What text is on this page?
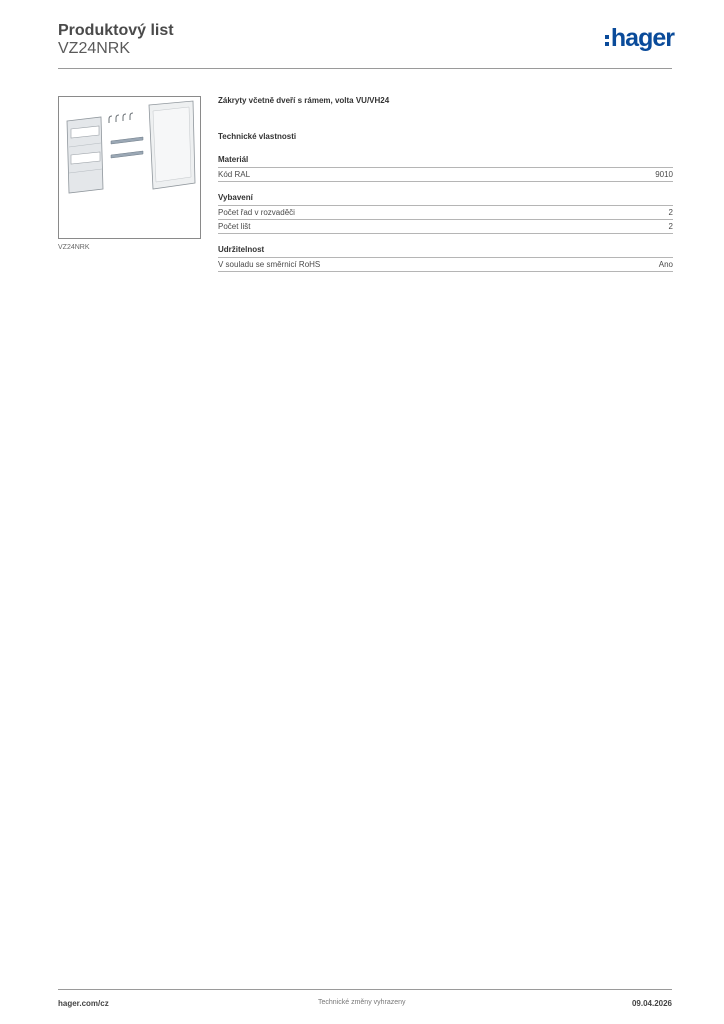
Produktový list
VZ24NRK	hager
VZ24NRK

Zákryty včetně dveří s rámem, volta VU/VH24

Technické vlastnosti

Materiál

Kód RAL	9010

Vybavení

Počet řad v rozvaděči	2
Počet lišt	2

Udržitelnost

V souladu se směrnicí RoHS	Ano
hager.com/cz	Technické změny vyhrazeny	09.04.2026
